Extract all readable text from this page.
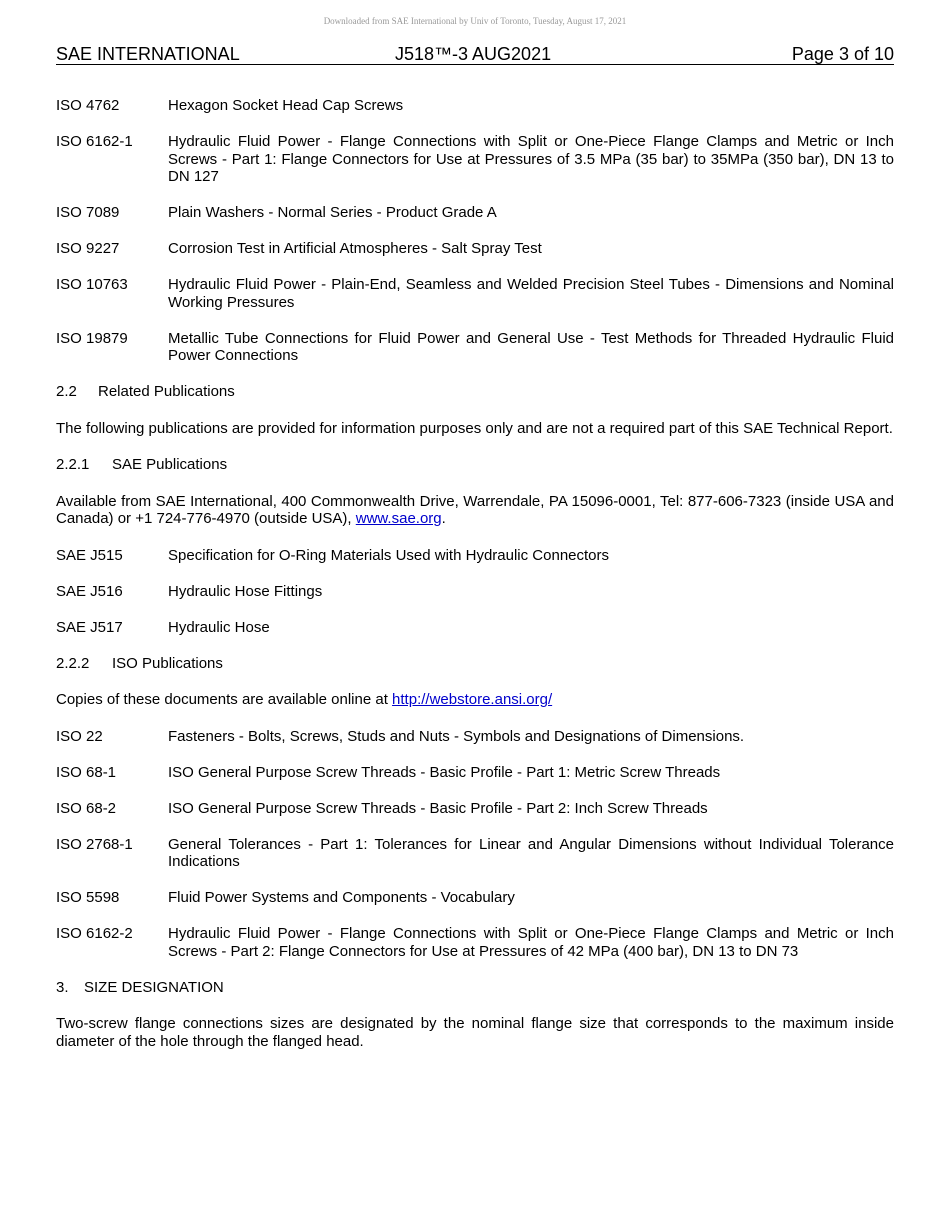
Downloaded from SAE International by Univ of Toronto, Tuesday, August 17, 2021
SAE INTERNATIONAL	J518™-3 AUG2021	Page 3 of 10
ISO 4762	Hexagon Socket Head Cap Screws
ISO 6162-1	Hydraulic Fluid Power - Flange Connections with Split or One-Piece Flange Clamps and Metric or Inch Screws - Part 1: Flange Connectors for Use at Pressures of 3.5 MPa (35 bar) to 35MPa (350 bar), DN 13 to DN 127
ISO 7089	Plain Washers - Normal Series - Product Grade A
ISO 9227	Corrosion Test in Artificial Atmospheres - Salt Spray Test
ISO 10763	Hydraulic Fluid Power - Plain-End, Seamless and Welded Precision Steel Tubes - Dimensions and Nominal Working Pressures
ISO 19879	Metallic Tube Connections for Fluid Power and General Use - Test Methods for Threaded Hydraulic Fluid Power Connections
2.2 Related Publications
The following publications are provided for information purposes only and are not a required part of this SAE Technical Report.
2.2.1 SAE Publications
Available from SAE International, 400 Commonwealth Drive, Warrendale, PA 15096-0001, Tel: 877-606-7323 (inside USA and Canada) or +1 724-776-4970 (outside USA), www.sae.org.
SAE J515	Specification for O-Ring Materials Used with Hydraulic Connectors
SAE J516	Hydraulic Hose Fittings
SAE J517	Hydraulic Hose
2.2.2 ISO Publications
Copies of these documents are available online at http://webstore.ansi.org/
ISO 22	Fasteners - Bolts, Screws, Studs and Nuts - Symbols and Designations of Dimensions.
ISO 68-1	ISO General Purpose Screw Threads - Basic Profile - Part 1: Metric Screw Threads
ISO 68-2	ISO General Purpose Screw Threads - Basic Profile - Part 2: Inch Screw Threads
ISO 2768-1	General Tolerances - Part 1: Tolerances for Linear and Angular Dimensions without Individual Tolerance Indications
ISO 5598	Fluid Power Systems and Components - Vocabulary
ISO 6162-2	Hydraulic Fluid Power - Flange Connections with Split or One-Piece Flange Clamps and Metric or Inch Screws - Part 2: Flange Connectors for Use at Pressures of 42 MPa (400 bar), DN 13 to DN 73
3. SIZE DESIGNATION
Two-screw flange connections sizes are designated by the nominal flange size that corresponds to the maximum inside diameter of the hole through the flanged head.
